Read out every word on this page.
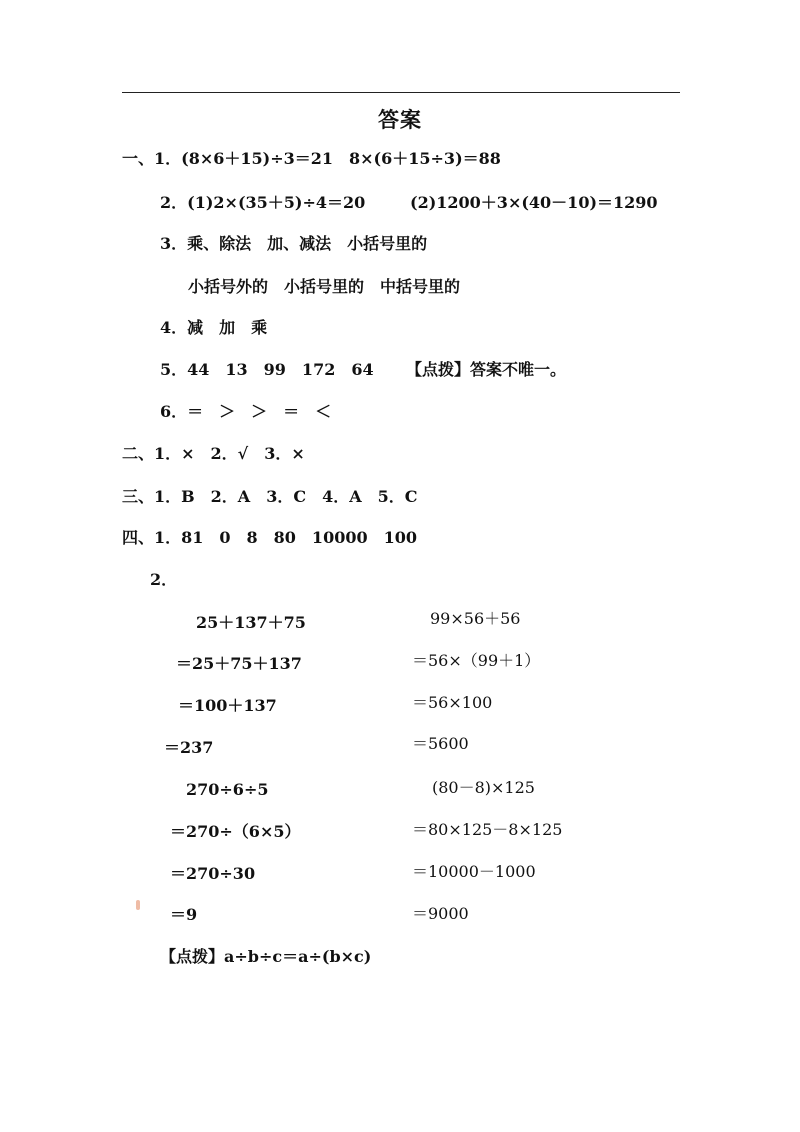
答案
一、1．(8×6＋15)÷3＝21　8×(6＋15÷3)＝88
2．(1)2×(35＋5)÷4＝20	(2)1200＋3×(40－10)＝1290
3．乘、除法　加、减法　小括号里的
小括号外的　小括号里的　中括号里的
4．减　加　乘
5．44　13　99　172　64 【点拨】答案不唯一。
6．＝　＞　＞　＝　＜
二、1．×　2．√　3．×
三、1．B　2．A　3．C　4．A　5．C
四、1．81　0　8　80　10000　100
2．
25＋137＋75
＝25＋75＋137
＝100＋137
＝237
99×56＋56
＝56×（99＋1）
＝56×100
＝5600
270÷6÷5
＝270÷（6×5）
＝270÷30
＝9
(80－8)×125
＝80×125－8×125
＝10000－1000
＝9000
【点拨】a÷b÷c＝a÷(b×c)
